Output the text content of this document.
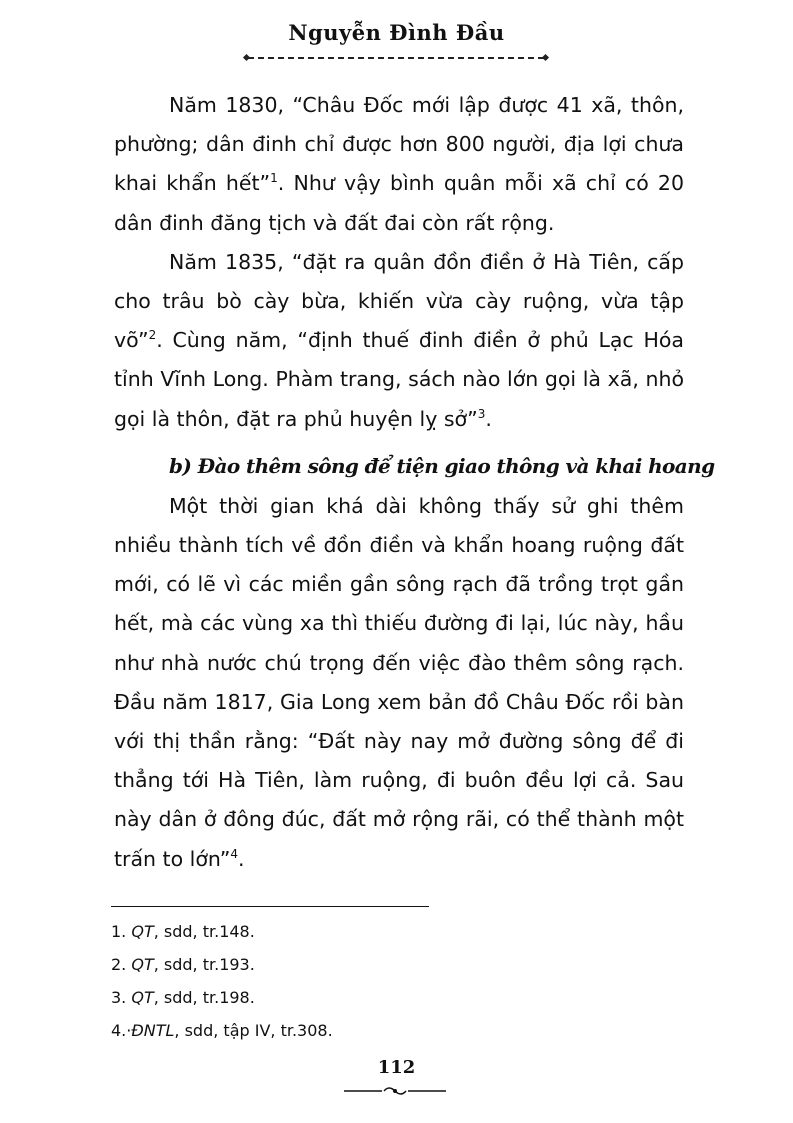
Nguyễn Đình Đầu

Năm 1830, “Châu Đốc mới lập được 41 xã, thôn, phường; dân đinh chỉ được hơn 800 người, địa lợi chưa khai khẩn hết”$^1$. Như vậy bình quân mỗi xã chỉ có 20 dân đinh đăng tịch và đất đai còn rất rộng.

Năm 1835, “đặt ra quân đồn điền ở Hà Tiên, cấp cho trâu bò cày bừa, khiến vừa cày ruộng, vừa tập võ”$^2$. Cùng năm, “định thuế đinh điền ở phủ Lạc Hóa tỉnh Vĩnh Long. Phàm trang, sách nào lớn gọi là xã, nhỏ gọi là thôn, đặt ra phủ huyện lỵ sở”$^3$.

b) Đào thêm sông để tiện giao thông và khai hoang

Một thời gian khá dài không thấy sử ghi thêm nhiều thành tích về đồn điền và khẩn hoang ruộng đất mới, có lẽ vì các miền gần sông rạch đã trồng trọt gần hết, mà các vùng xa thì thiếu đường đi lại, lúc này, hầu như nhà nước chú trọng đến việc đào thêm sông rạch. Đầu năm 1817, Gia Long xem bản đồ Châu Đốc rồi bàn với thị thần rằng: “Đất này nay mở đường sông để đi thẳng tới Hà Tiên, làm ruộng, đi buôn đều lợi cả. Sau này dân ở đông đúc, đất mở rộng rãi, có thể thành một trấn to lớn”$^4$.

1. QT, sdd, tr.148.
2. QT, sdd, tr.193.
3. QT, sdd, tr.198.
4.·ĐNTL, sdd, tập IV, tr.308.
112
